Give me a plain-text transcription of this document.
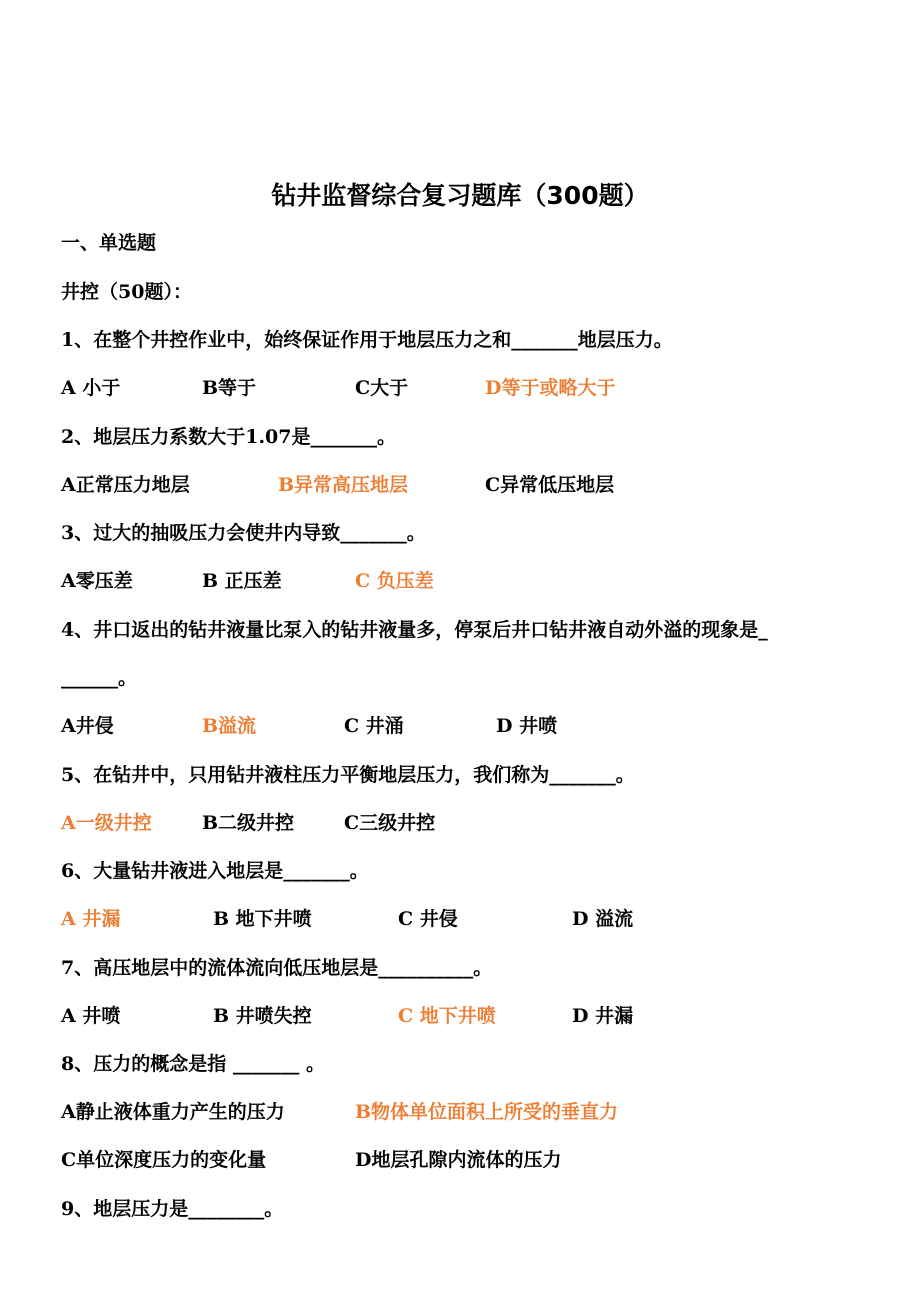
钻井监督综合复习题库（300题）
一、单选题
井控（50题）：
1、在整个井控作业中，始终保证作用于地层压力之和_______地层压力。

A 小于

	B等于

	C大于

	D等于或略大于

2、地层压力系数大于1.07是_______。

A正常压力地层

	B异常高压地层

	C异常低压地层

3、过大的抽吸压力会使井内导致_______。

A零压差

	B 正压差

	C 负压差

4、井口返出的钻井液量比泵入的钻井液量多，停泵后井口钻井液自动外溢的现象是_
______。

A井侵

	B溢流

	C 井涌

	D 井喷

5、在钻井中，只用钻井液柱压力平衡地层压力，我们称为_______。

A一级井控

	B二级井控

	C三级井控

6、大量钻井液进入地层是_______。

A 井漏

	B 地下井喷

	C 井侵

	D 溢流

7、高压地层中的流体流向低压地层是__________。

A 井喷

	B 井喷失控

	C 地下井喷

	D 井漏

8、压力的概念是指 _______ 。

A静止液体重力产生的压力

	B物体单位面积上所受的垂直力

C单位深度压力的变化量

	D地层孔隙内流体的压力

9、地层压力是________。
